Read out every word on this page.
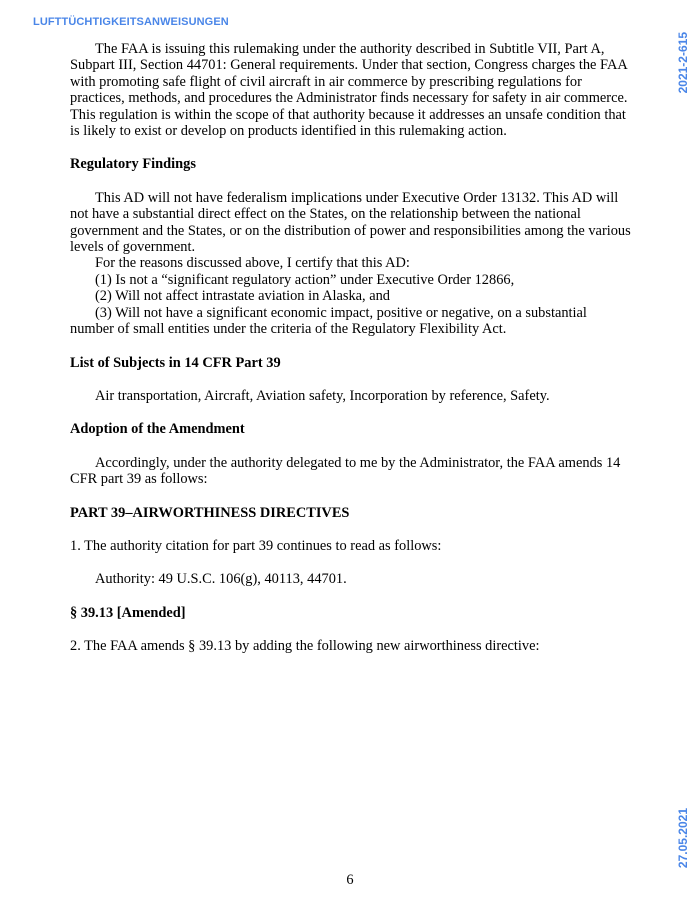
LUFTTÜCHTIGKEITSANWEISUNGEN
2021-2-615
27.05.2021

The FAA is issuing this rulemaking under the authority described in Subtitle VII, Part A, Subpart III, Section 44701: General requirements. Under that section, Congress charges the FAA with promoting safe flight of civil aircraft in air commerce by prescribing regulations for practices, methods, and procedures the Administrator finds necessary for safety in air commerce. This regulation is within the scope of that authority because it addresses an unsafe condition that is likely to exist or develop on products identified in this rulemaking action.

Regulatory Findings

This AD will not have federalism implications under Executive Order 13132. This AD will not have a substantial direct effect on the States, on the relationship between the national government and the States, or on the distribution of power and responsibilities among the various levels of government.

For the reasons discussed above, I certify that this AD:

(1) Is not a “significant regulatory action” under Executive Order 12866,

(2) Will not affect intrastate aviation in Alaska, and

(3) Will not have a significant economic impact, positive or negative, on a substantial number of small entities under the criteria of the Regulatory Flexibility Act.

List of Subjects in 14 CFR Part 39

Air transportation, Aircraft, Aviation safety, Incorporation by reference, Safety.

Adoption of the Amendment

Accordingly, under the authority delegated to me by the Administrator, the FAA amends 14 CFR part 39 as follows:

PART 39–AIRWORTHINESS DIRECTIVES

1. The authority citation for part 39 continues to read as follows:

Authority: 49 U.S.C. 106(g), 40113, 44701.

§ 39.13 [Amended]

2. The FAA amends § 39.13 by adding the following new airworthiness directive:

6
